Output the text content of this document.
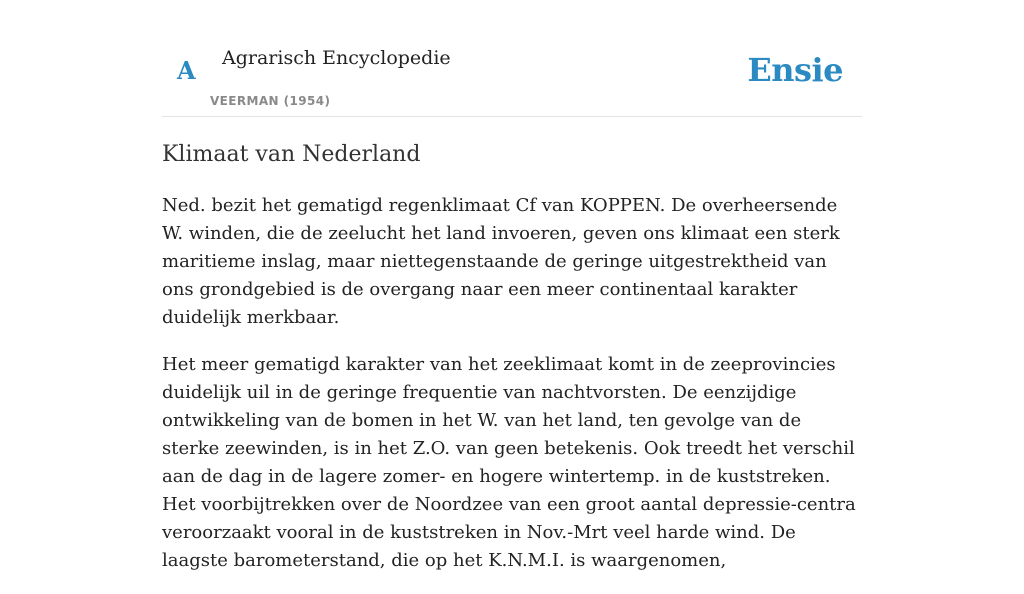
A Agrarisch Encyclopedie
VEERMAN (1954)
Ensie
Klimaat van Nederland

Ned. bezit het gematigd regenklimaat Cf van KOPPEN. De overheersende W. winden, die de zeelucht het land invoeren, geven ons klimaat een sterk maritieme inslag, maar niettegenstaande de geringe uitgestrektheid van ons grondgebied is de overgang naar een meer continentaal karakter duidelijk merkbaar.

Het meer gematigd karakter van het zeeklimaat komt in de zeeprovincies duidelijk uil in de geringe frequentie van nachtvorsten. De eenzijdige ontwikkeling van de bomen in het W. van het land, ten gevolge van de sterke zeewinden, is in het Z.O. van geen betekenis. Ook treedt het verschil aan de dag in de lagere zomer- en hogere wintertemp. in de kuststreken. Het voorbijtrekken over de Noordzee van een groot aantal depressie-centra veroorzaakt vooral in de kuststreken in Nov.-Mrt veel harde wind. De laagste barometerstand, die op het K.N.M.I. is waargenomen,
